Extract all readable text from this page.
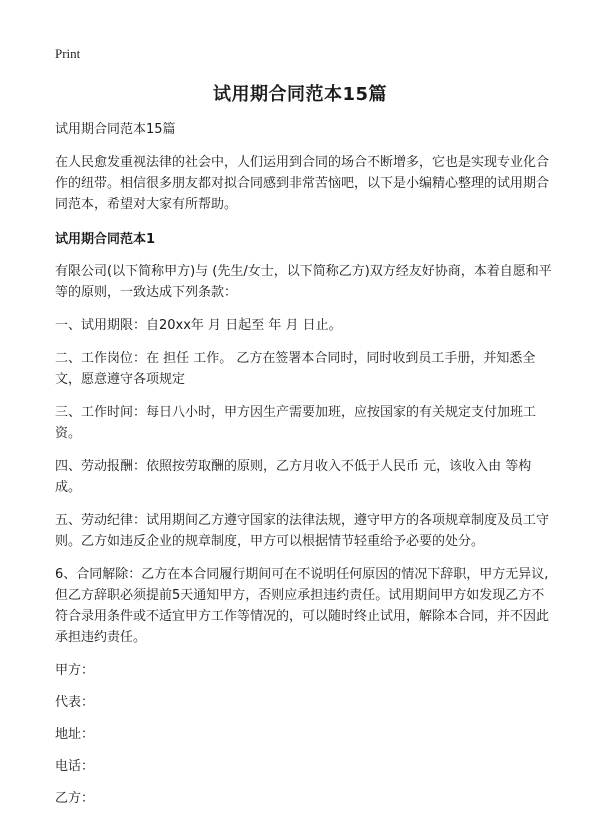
Print
试用期合同范本15篇

试用期合同范本15篇

在人民愈发重视法律的社会中，人们运用到合同的场合不断增多，它也是实现专业化合作的纽带。相信很多朋友都对拟合同感到非常苦恼吧，以下是小编精心整理的试用期合同范本，希望对大家有所帮助。

试用期合同范本1

有限公司(以下简称甲方)与 (先生/女士，以下简称乙方)双方经友好协商，本着自愿和平等的原则，一致达成下列条款：

一、试用期限：自20xx年 月 日起至 年 月 日止。

二、工作岗位：在 担任 工作。 乙方在签署本合同时，同时收到员工手册，并知悉全文，愿意遵守各项规定

三、工作时间：每日八小时，甲方因生产需要加班，应按国家的有关规定支付加班工资。

四、劳动报酬：依照按劳取酬的原则，乙方月收入不低于人民币 元，该收入由 等构成。

五、劳动纪律：试用期间乙方遵守国家的法律法规，遵守甲方的各项规章制度及员工守则。乙方如违反企业的规章制度，甲方可以根据情节轻重给予必要的处分。

6、合同解除：乙方在本合同履行期间可在不说明任何原因的情况下辞职，甲方无异议,但乙方辞职必须提前5天通知甲方，否则应承担违约责任。试用期间甲方如发现乙方不符合录用条件或不适宜甲方工作等情况的，可以随时终止试用，解除本合同，并不因此承担违约责任。

甲方：
代表：
地址：
电话：
乙方：
